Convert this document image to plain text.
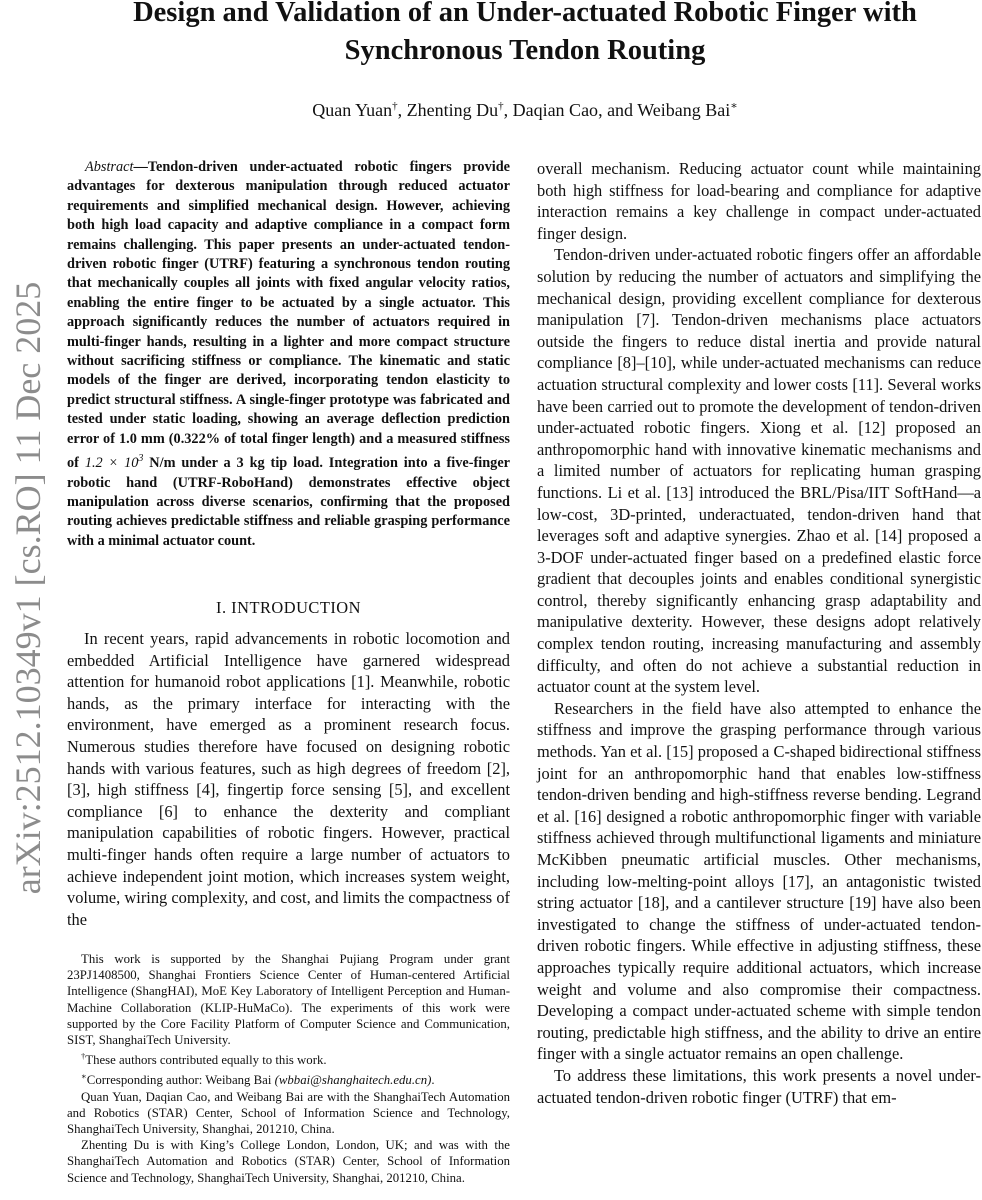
arXiv:2512.10349v1 [cs.RO] 11 Dec 2025
Design and Validation of an Under-actuated Robotic Finger with Synchronous Tendon Routing
Quan Yuan†, Zhenting Du†, Daqian Cao, and Weibang Bai∗

Abstract—Tendon-driven under-actuated robotic fingers provide advantages for dexterous manipulation through reduced actuator requirements and simplified mechanical design. However, achieving both high load capacity and adaptive compliance in a compact form remains challenging. This paper presents an under-actuated tendon-driven robotic finger (UTRF) featuring a synchronous tendon routing that mechanically couples all joints with fixed angular velocity ratios, enabling the entire finger to be actuated by a single actuator. This approach significantly reduces the number of actuators required in multi-finger hands, resulting in a lighter and more compact structure without sacrificing stiffness or compliance. The kinematic and static models of the finger are derived, incorporating tendon elasticity to predict structural stiffness. A single-finger prototype was fabricated and tested under static loading, showing an average deflection prediction error of 1.0 mm (0.322% of total finger length) and a measured stiffness of $1.2 \times 10^3$ N/m under a 3 kg tip load. Integration into a five-finger robotic hand (UTRF-RoboHand) demonstrates effective object manipulation across diverse scenarios, confirming that the proposed routing achieves predictable stiffness and reliable grasping performance with a minimal actuator count.

I. INTRODUCTION

In recent years, rapid advancements in robotic locomotion and embedded Artificial Intelligence have garnered widespread attention for humanoid robot applications [1]. Meanwhile, robotic hands, as the primary interface for interacting with the environment, have emerged as a prominent research focus. Numerous studies therefore have focused on designing robotic hands with various features, such as high degrees of freedom [2], [3], high stiffness [4], fingertip force sensing [5], and excellent compliance [6] to enhance the dexterity and compliant manipulation capabilities of robotic fingers. However, practical multi-finger hands often require a large number of actuators to achieve independent joint motion, which increases system weight, volume, wiring complexity, and cost, and limits the compactness of the

This work is supported by the Shanghai Pujiang Program under grant 23PJ1408500, Shanghai Frontiers Science Center of Human-centered Artificial Intelligence (ShangHAI), MoE Key Laboratory of Intelligent Perception and Human-Machine Collaboration (KLIP-HuMaCo). The experiments of this work were supported by the Core Facility Platform of Computer Science and Communication, SIST, ShanghaiTech University.

†These authors contributed equally to this work.

∗Corresponding author: Weibang Bai (wbbai@shanghaitech.edu.cn).

Quan Yuan, Daqian Cao, and Weibang Bai are with the ShanghaiTech Automation and Robotics (STAR) Center, School of Information Science and Technology, ShanghaiTech University, Shanghai, 201210, China.

Zhenting Du is with King’s College London, London, UK; and was with the ShanghaiTech Automation and Robotics (STAR) Center, School of Information Science and Technology, ShanghaiTech University, Shanghai, 201210, China.

overall mechanism. Reducing actuator count while maintaining both high stiffness for load-bearing and compliance for adaptive interaction remains a key challenge in compact under-actuated finger design.

Tendon-driven under-actuated robotic fingers offer an affordable solution by reducing the number of actuators and simplifying the mechanical design, providing excellent compliance for dexterous manipulation [7]. Tendon-driven mechanisms place actuators outside the fingers to reduce distal inertia and provide natural compliance [8]–[10], while under-actuated mechanisms can reduce actuation structural complexity and lower costs [11]. Several works have been carried out to promote the development of tendon-driven under-actuated robotic fingers. Xiong et al. [12] proposed an anthropomorphic hand with innovative kinematic mechanisms and a limited number of actuators for replicating human grasping functions. Li et al. [13] introduced the BRL/Pisa/IIT SoftHand—a low-cost, 3D-printed, underactuated, tendon-driven hand that leverages soft and adaptive synergies. Zhao et al. [14] proposed a 3-DOF under-actuated finger based on a predefined elastic force gradient that decouples joints and enables conditional synergistic control, thereby significantly enhancing grasp adaptability and manipulative dexterity. However, these designs adopt relatively complex tendon routing, increasing manufacturing and assembly difficulty, and often do not achieve a substantial reduction in actuator count at the system level.

Researchers in the field have also attempted to enhance the stiffness and improve the grasping performance through various methods. Yan et al. [15] proposed a C-shaped bidirectional stiffness joint for an anthropomorphic hand that enables low-stiffness tendon-driven bending and high-stiffness reverse bending. Legrand et al. [16] designed a robotic anthropomorphic finger with variable stiffness achieved through multifunctional ligaments and miniature McKibben pneumatic artificial muscles. Other mechanisms, including low-melting-point alloys [17], an antagonistic twisted string actuator [18], and a cantilever structure [19] have also been investigated to change the stiffness of under-actuated tendon-driven robotic fingers. While effective in adjusting stiffness, these approaches typically require additional actuators, which increase weight and volume and also compromise their compactness. Developing a compact under-actuated scheme with simple tendon routing, predictable high stiffness, and the ability to drive an entire finger with a single actuator remains an open challenge.

To address these limitations, this work presents a novel under-actuated tendon-driven robotic finger (UTRF) that em-
